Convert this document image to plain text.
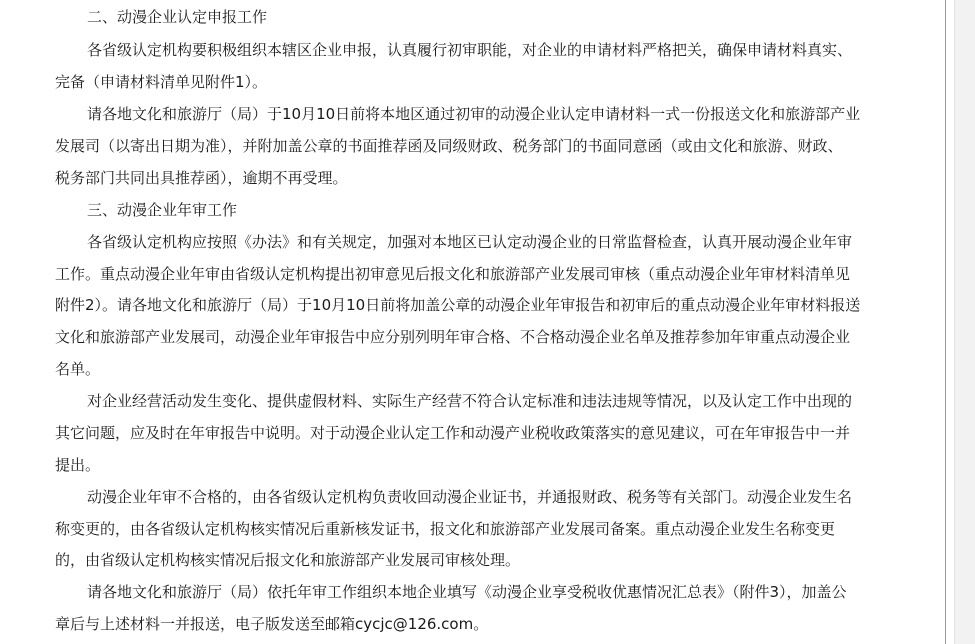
二、动漫企业认定申报工作
各省级认定机构要积极组织本辖区企业申报，认真履行初审职能，对企业的申请材料严格把关，确保申请材料真实、
完备（申请材料清单见附件1）。
请各地文化和旅游厅（局）于10月10日前将本地区通过初审的动漫企业认定申请材料一式一份报送文化和旅游部产业
发展司（以寄出日期为准），并附加盖公章的书面推荐函及同级财政、税务部门的书面同意函（或由文化和旅游、财政、
税务部门共同出具推荐函），逾期不再受理。
三、动漫企业年审工作
各省级认定机构应按照《办法》和有关规定，加强对本地区已认定动漫企业的日常监督检查，认真开展动漫企业年审
工作。重点动漫企业年审由省级认定机构提出初审意见后报文化和旅游部产业发展司审核（重点动漫企业年审材料清单见
附件2）。请各地文化和旅游厅（局）于10月10日前将加盖公章的动漫企业年审报告和初审后的重点动漫企业年审材料报送
文化和旅游部产业发展司，动漫企业年审报告中应分别列明年审合格、不合格动漫企业名单及推荐参加年审重点动漫企业
名单。
对企业经营活动发生变化、提供虚假材料、实际生产经营不符合认定标准和违法违规等情况，以及认定工作中出现的
其它问题，应及时在年审报告中说明。对于动漫企业认定工作和动漫产业税收政策落实的意见建议，可在年审报告中一并
提出。
动漫企业年审不合格的，由各省级认定机构负责收回动漫企业证书，并通报财政、税务等有关部门。动漫企业发生名
称变更的，由各省级认定机构核实情况后重新核发证书，报文化和旅游部产业发展司备案。重点动漫企业发生名称变更
的，由省级认定机构核实情况后报文化和旅游部产业发展司审核处理。
请各地文化和旅游厅（局）依托年审工作组织本地企业填写《动漫企业享受税收优惠情况汇总表》（附件3），加盖公
章后与上述材料一并报送，电子版发送至邮箱cycjc@126.com。
